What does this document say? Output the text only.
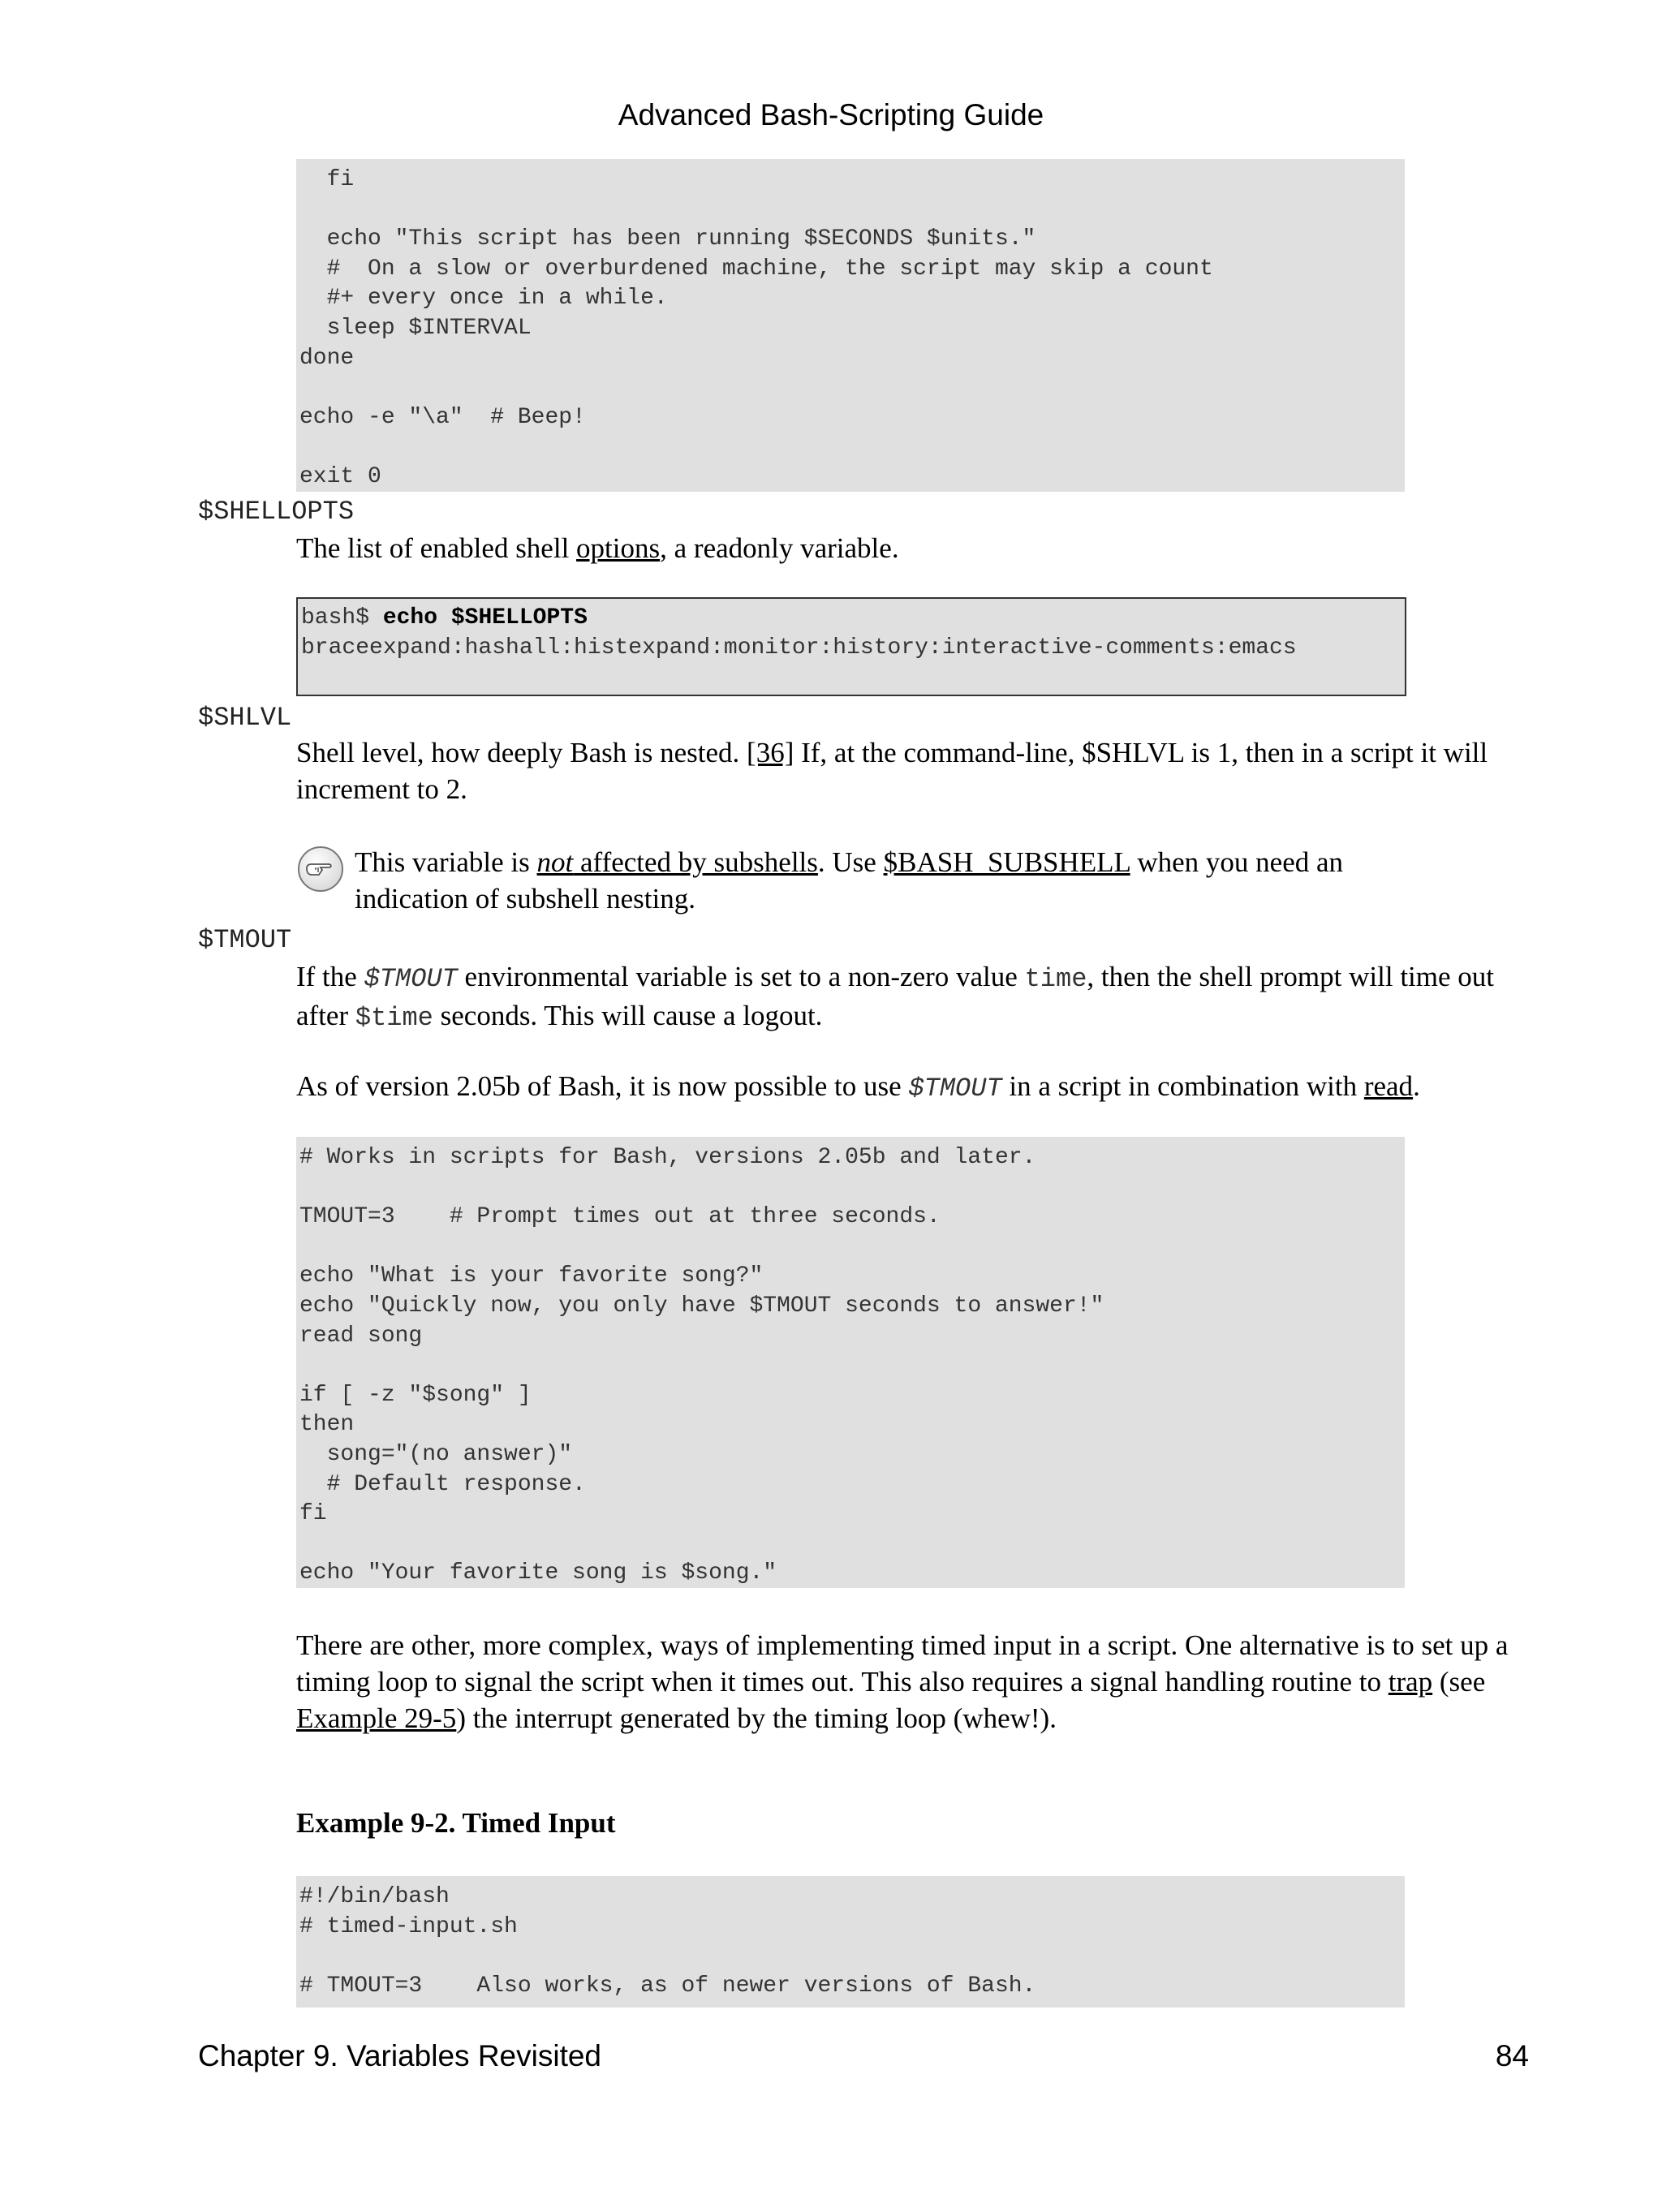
Advanced Bash-Scripting Guide
fi

echo "This script has been running $SECONDS $units."
#  On a slow or overburdened machine, the script may skip a count
#+ every once in a while.
sleep $INTERVAL
done

echo -e "\a"  # Beep!

exit 0
$SHELLOPTS
The list of enabled shell options, a readonly variable.
bash$ echo $SHELLOPTS
braceexpand:hashall:histexpand:monitor:history:interactive-comments:emacs
$SHLVL
Shell level, how deeply Bash is nested. [36] If, at the command-line, $SHLVL is 1, then in a script it will increment to 2.
This variable is not affected by subshells. Use $BASH_SUBSHELL when you need an indication of subshell nesting.
$TMOUT
If the $TMOUT environmental variable is set to a non-zero value time, then the shell prompt will time out after $time seconds. This will cause a logout.
As of version 2.05b of Bash, it is now possible to use $TMOUT in a script in combination with read.
# Works in scripts for Bash, versions 2.05b and later.

TMOUT=3    # Prompt times out at three seconds.

echo "What is your favorite song?"
echo "Quickly now, you only have $TMOUT seconds to answer!"
read song

if [ -z "$song" ]
then
song="(no answer)"
# Default response.
fi

echo "Your favorite song is $song."
There are other, more complex, ways of implementing timed input in a script. One alternative is to set up a timing loop to signal the script when it times out. This also requires a signal handling routine to trap (see Example 29-5) the interrupt generated by the timing loop (whew!).
Example 9-2. Timed Input
#!/bin/bash
# timed-input.sh

# TMOUT=3    Also works, as of newer versions of Bash.
Chapter 9. Variables Revisited	84
